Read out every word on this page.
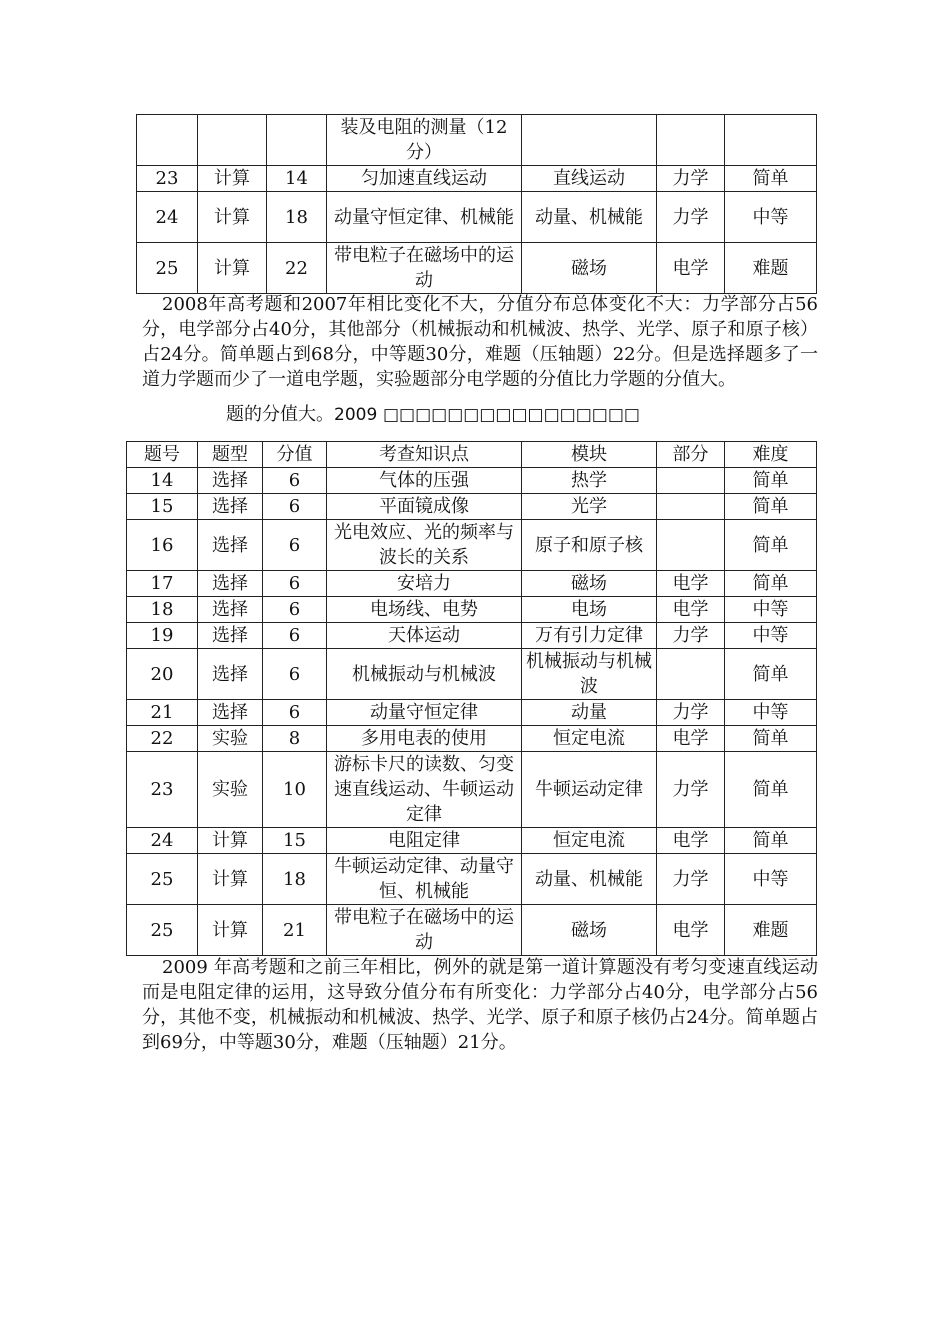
			装及电阻的测量（12分）			
23	计算	14	匀加速直线运动	直线运动	力学	简单
24	计算	18	动量守恒定律、机械能	动量、机械能	力学	中等
25	计算	22	带电粒子在磁场中的运动	磁场	电学	难题

2008年高考题和2007年相比变化不大，分值分布总体变化不大：力学部分占56分，电学部分占40分，其他部分（机械振动和机械波、热学、光学、原子和原子核）占24分。简单题占到68分，中等题30分，难题（压轴题）22分。但是选择题多了一道力学题而少了一道电学题，实验题部分电学题的分值比力学题的分值大。

题的分值大。2009 □□□□□□□□□□□□□□□□
题号	题型	分值	考查知识点	模块	部分	难度
14	选择	6	气体的压强	热学		简单
15	选择	6	平面镜成像	光学		简单
16	选择	6	光电效应、光的频率与波长的关系	原子和原子核		简单
17	选择	6	安培力	磁场	电学	简单
18	选择	6	电场线、电势	电场	电学	中等
19	选择	6	天体运动	万有引力定律	力学	中等
20	选择	6	机械振动与机械波	机械振动与机械波		简单
21	选择	6	动量守恒定律	动量	力学	中等
22	实验	8	多用电表的使用	恒定电流	电学	简单
23	实验	10	游标卡尺的读数、匀变速直线运动、牛顿运动定律	牛顿运动定律	力学	简单
24	计算	15	电阻定律	恒定电流	电学	简单
25	计算	18	牛顿运动定律、动量守恒、机械能	动量、机械能	力学	中等
25	计算	21	带电粒子在磁场中的运动	磁场	电学	难题

2009 年高考题和之前三年相比，例外的就是第一道计算题没有考匀变速直线运动而是电阻定律的运用，这导致分值分布有所变化：力学部分占40分，电学部分占56分，其他不变，机械振动和机械波、热学、光学、原子和原子核仍占24分。简单题占到69分，中等题30分，难题（压轴题）21分。
